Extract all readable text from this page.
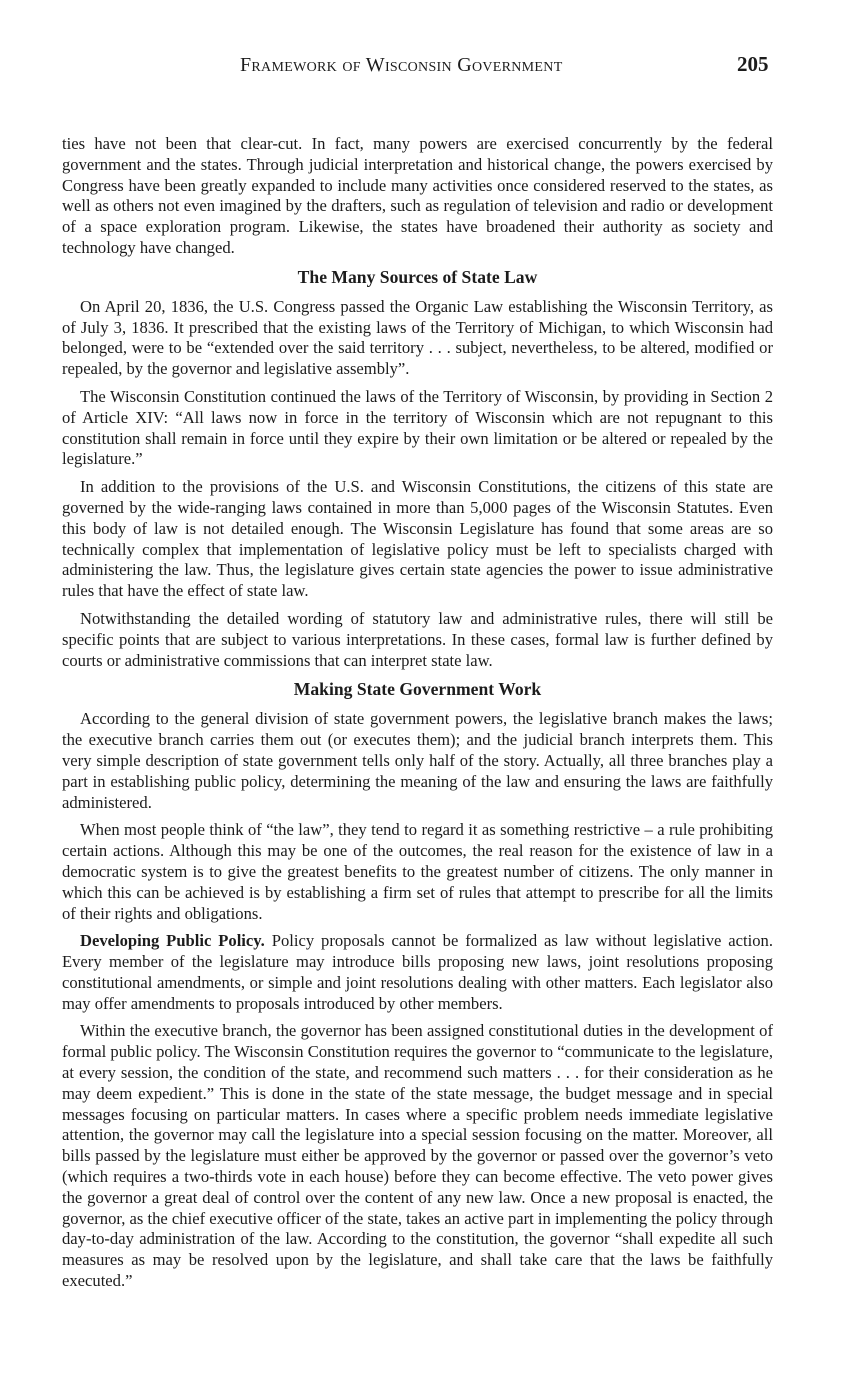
Framework of Wisconsin Government	205

ties have not been that clear-cut. In fact, many powers are exercised concurrently by the federal government and the states. Through judicial interpretation and historical change, the powers exercised by Congress have been greatly expanded to include many activities once considered reserved to the states, as well as others not even imagined by the drafters, such as regulation of television and radio or development of a space exploration program. Likewise, the states have broadened their authority as society and technology have changed.

The Many Sources of State Law

On April 20, 1836, the U.S. Congress passed the Organic Law establishing the Wisconsin Territory, as of July 3, 1836. It prescribed that the existing laws of the Territory of Michigan, to which Wisconsin had belonged, were to be “extended over the said territory . . . subject, nevertheless, to be altered, modified or repealed, by the governor and legislative assembly”.

The Wisconsin Constitution continued the laws of the Territory of Wisconsin, by providing in Section 2 of Article XIV: “All laws now in force in the territory of Wisconsin which are not repugnant to this constitution shall remain in force until they expire by their own limitation or be altered or repealed by the legislature.”

In addition to the provisions of the U.S. and Wisconsin Constitutions, the citizens of this state are governed by the wide-ranging laws contained in more than 5,000 pages of the Wisconsin Statutes. Even this body of law is not detailed enough. The Wisconsin Legislature has found that some areas are so technically complex that implementation of legislative policy must be left to specialists charged with administering the law. Thus, the legislature gives certain state agencies the power to issue administrative rules that have the effect of state law.

Notwithstanding the detailed wording of statutory law and administrative rules, there will still be specific points that are subject to various interpretations. In these cases, formal law is further defined by courts or administrative commissions that can interpret state law.

Making State Government Work

According to the general division of state government powers, the legislative branch makes the laws; the executive branch carries them out (or executes them); and the judicial branch interprets them. This very simple description of state government tells only half of the story. Actually, all three branches play a part in establishing public policy, determining the meaning of the law and ensuring the laws are faithfully administered.

When most people think of “the law”, they tend to regard it as something restrictive – a rule prohibiting certain actions. Although this may be one of the outcomes, the real reason for the existence of law in a democratic system is to give the greatest benefits to the greatest number of citizens. The only manner in which this can be achieved is by establishing a firm set of rules that attempt to prescribe for all the limits of their rights and obligations.

Developing Public Policy. Policy proposals cannot be formalized as law without legislative action. Every member of the legislature may introduce bills proposing new laws, joint resolutions proposing constitutional amendments, or simple and joint resolutions dealing with other matters. Each legislator also may offer amendments to proposals introduced by other members.

Within the executive branch, the governor has been assigned constitutional duties in the development of formal public policy. The Wisconsin Constitution requires the governor to “communicate to the legislature, at every session, the condition of the state, and recommend such matters . . . for their consideration as he may deem expedient.” This is done in the state of the state message, the budget message and in special messages focusing on particular matters. In cases where a specific problem needs immediate legislative attention, the governor may call the legislature into a special session focusing on the matter. Moreover, all bills passed by the legislature must either be approved by the governor or passed over the governor’s veto (which requires a two-thirds vote in each house) before they can become effective. The veto power gives the governor a great deal of control over the content of any new law. Once a new proposal is enacted, the governor, as the chief executive officer of the state, takes an active part in implementing the policy through day-to-day administration of the law. According to the constitution, the governor “shall expedite all such measures as may be resolved upon by the legislature, and shall take care that the laws be faithfully executed.”
